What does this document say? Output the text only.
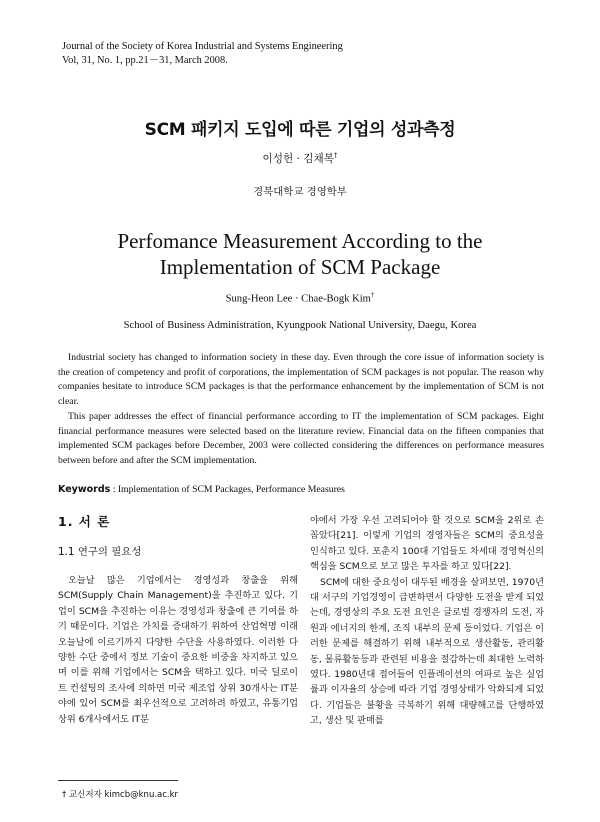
Journal of the Society of Korea Industrial and Systems Engineering
Vol, 31, No. 1, pp.21－31, March 2008.
SCM 패키지 도입에 따른 기업의 성과측정
이성헌 · 김채복†
경북대학교 경영학부
Perfomance Measurement According to the
Implementation of SCM Package
Sung-Heon Lee · Chae-Bogk Kim†
School of Business Administration, Kyungpook National University, Daegu, Korea

Industrial society has changed to information society in these day. Even through the core issue of information society is the creation of competency and profit of corporations, the implementation of SCM packages is not popular. The reason why companies hesitate to introduce SCM packages is that the performance enhancement by the implementation of SCM is not clear.

This paper addresses the effect of financial performance according to IT the implementation of SCM packages. Eight financial performance measures were selected based on the literature review. Financial data on the fifteen companies that implemented SCM packages before December, 2003 were collected considering the differences on performance measures between before and after the SCM implementation.

Keywords : Implementation of SCM Packages, Performance Measures
1. 서 론
1.1 연구의 필요성

오늘날 많은 기업에서는 경영성과 창출을 위해 SCM(Supply Chain Management)을 추진하고 있다. 기업이 SCM을 추진하는 이유는 경영성과 창출에 큰 기여를 하기 때문이다. 기업은 가치를 증대하기 위하여 산업혁명 이래 오늘날에 이르기까지 다양한 수단을 사용하였다. 이러한 다양한 수단 중에서 정보 기술이 중요한 비중을 차지하고 있으며 이를 위해 기업에서는 SCM을 택하고 있다. 미국 딜로이트 컨설팅의 조사에 의하면 미국 제조업 상위 30개사는 IT분야에 있어 SCM를 최우선적으로 고려하려 하였고, 유통기업 상위 6개사에서도 IT분

야에서 가장 우선 고려되어야 할 것으로 SCM을 2위로 손꼽았다[21]. 이렇게 기업의 경영자들은 SCM의 중요성을 인식하고 있다. 포춘지 100대 기업들도 차세대 경영혁신의 핵심을 SCM으로 보고 많은 투자를 하고 있다[22].

SCM에 대한 중요성이 대두된 배경을 살펴보면, 1970년대 서구의 기업경영이 급변하면서 다양한 도전을 받게 되었는데, 경영상의 주요 도전 요인은 글로벌 경쟁자의 도전, 자원과 에너지의 한계, 조직 내부의 문제 등이었다. 기업은 이러한 문제를 해결하기 위해 내부적으로 생산활동, 관리활동, 물류활동등과 관련된 비용을 절감하는데 최대한 노력하였다. 1980년대 접어들어 인플레이션의 여파로 높은 실업률과 이자율의 상승에 따라 기업 경영상태가 악화되게 되었다. 기업들은 불황을 극복하기 위해 대량해고를 단행하였고, 생산 및 판매를

† 교신저자 kimcb@knu.ac.kr
